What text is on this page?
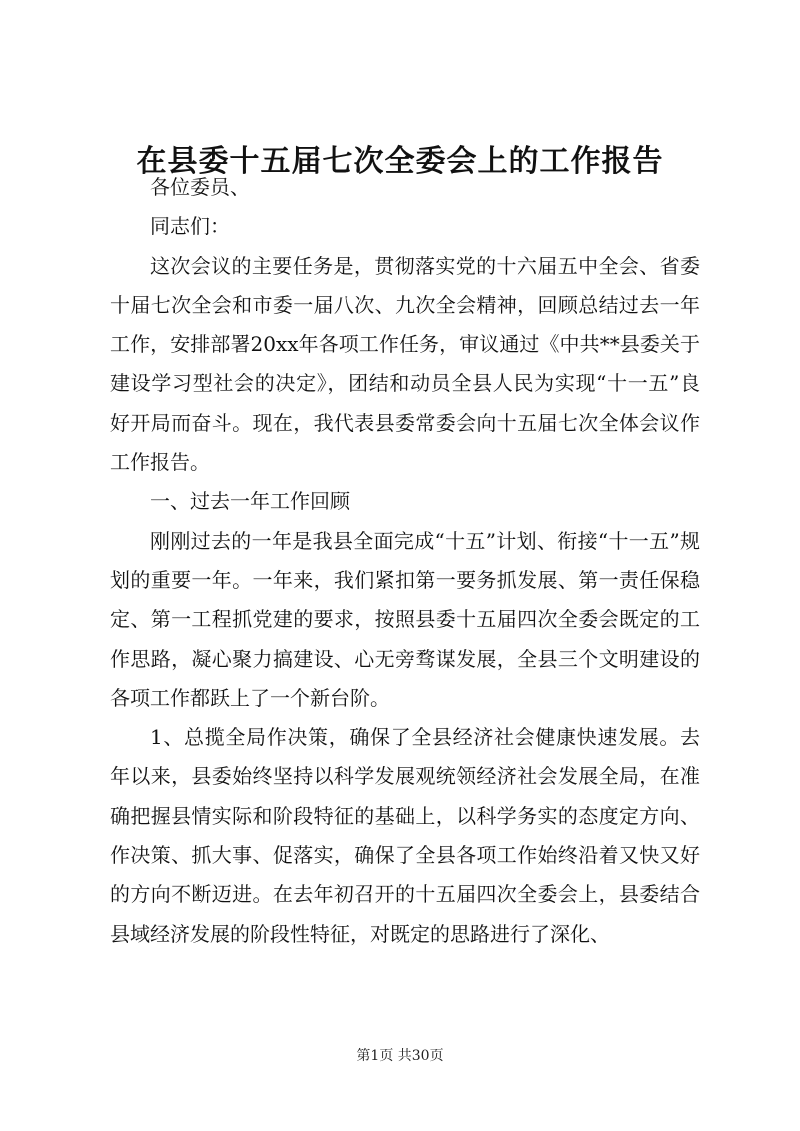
在县委十五届七次全委会上的工作报告

各位委员、

同志们：

这次会议的主要任务是，贯彻落实党的十六届五中全会、省委十届七次全会和市委一届八次、九次全会精神，回顾总结过去一年工作，安排部署20xx年各项工作任务，审议通过《中共**县委关于建设学习型社会的决定》，团结和动员全县人民为实现“十一五”良好开局而奋斗。现在，我代表县委常委会向十五届七次全体会议作工作报告。

一、过去一年工作回顾

刚刚过去的一年是我县全面完成“十五”计划、衔接“十一五”规划的重要一年。一年来，我们紧扣第一要务抓发展、第一责任保稳定、第一工程抓党建的要求，按照县委十五届四次全委会既定的工作思路，凝心聚力搞建设、心无旁骛谋发展，全县三个文明建设的各项工作都跃上了一个新台阶。

1、总揽全局作决策，确保了全县经济社会健康快速发展。去年以来，县委始终坚持以科学发展观统领经济社会发展全局，在准确把握县情实际和阶段特征的基础上，以科学务实的态度定方向、作决策、抓大事、促落实，确保了全县各项工作始终沿着又快又好的方向不断迈进。在去年初召开的十五届四次全委会上，县委结合县域经济发展的阶段性特征，对既定的思路进行了深化、

第1页 共30页
